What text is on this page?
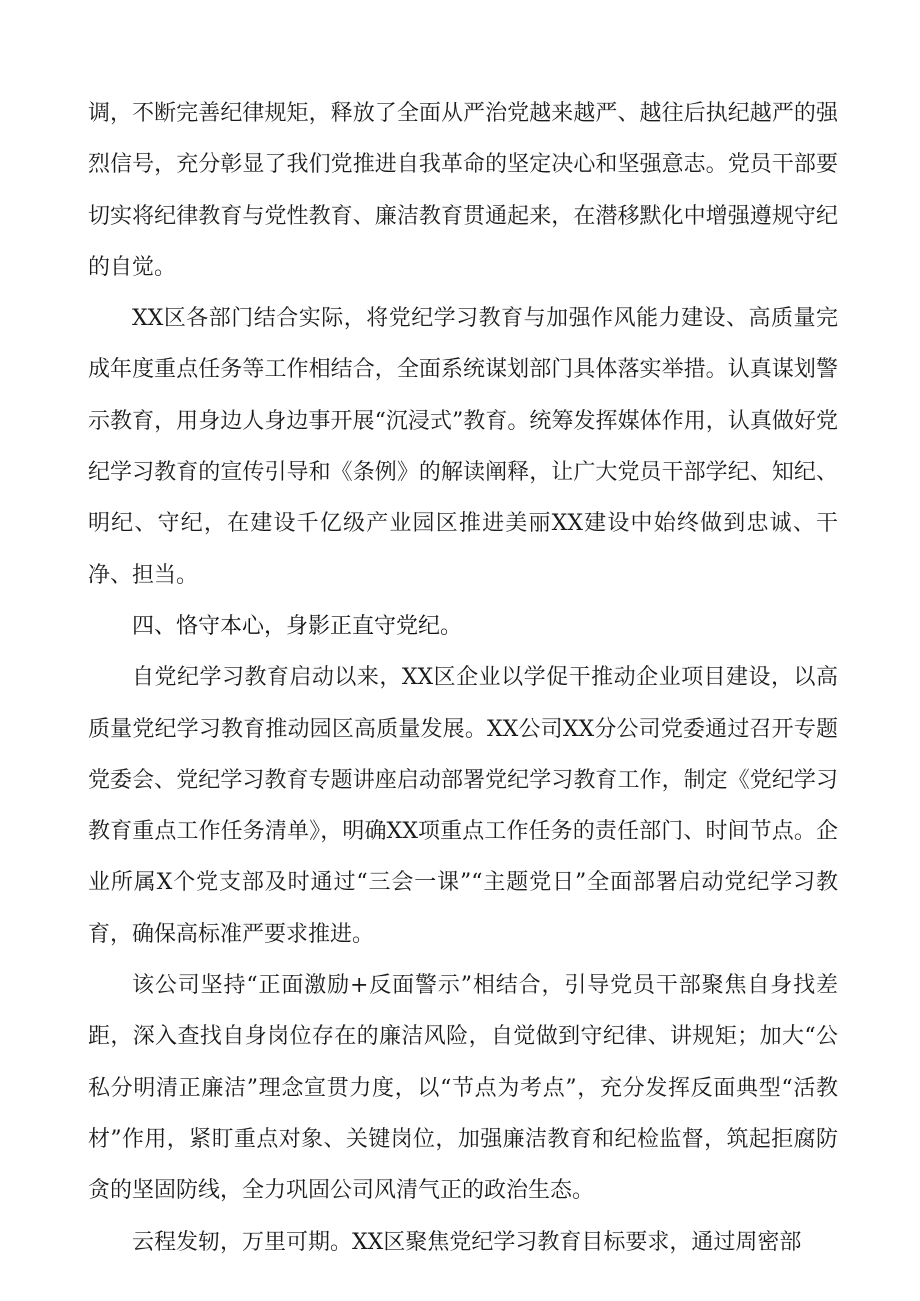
调，不断完善纪律规矩，释放了全面从严治党越来越严、越往后执纪越严的强烈信号，充分彰显了我们党推进自我革命的坚定决心和坚强意志。党员干部要切实将纪律教育与党性教育、廉洁教育贯通起来，在潜移默化中增强遵规守纪的自觉。

XX区各部门结合实际，将党纪学习教育与加强作风能力建设、高质量完成年度重点任务等工作相结合，全面系统谋划部门具体落实举措。认真谋划警示教育，用身边人身边事开展“沉浸式”教育。统筹发挥媒体作用，认真做好党纪学习教育的宣传引导和《条例》的解读阐释，让广大党员干部学纪、知纪、明纪、守纪，在建设千亿级产业园区推进美丽XX建设中始终做到忠诚、干净、担当。

四、恪守本心，身影正直守党纪。

自党纪学习教育启动以来，XX区企业以学促干推动企业项目建设，以高质量党纪学习教育推动园区高质量发展。XX公司XX分公司党委通过召开专题党委会、党纪学习教育专题讲座启动部署党纪学习教育工作，制定《党纪学习教育重点工作任务清单》，明确XX项重点工作任务的责任部门、时间节点。企业所属X个党支部及时通过“三会一课”“主题党日”全面部署启动党纪学习教育，确保高标准严要求推进。

该公司坚持“正面激励+反面警示”相结合，引导党员干部聚焦自身找差距，深入查找自身岗位存在的廉洁风险，自觉做到守纪律、讲规矩；加大“公私分明清正廉洁”理念宣贯力度，以“节点为考点”，充分发挥反面典型“活教材”作用，紧盯重点对象、关键岗位，加强廉洁教育和纪检监督，筑起拒腐防贪的坚固防线，全力巩固公司风清气正的政治生态。

云程发轫，万里可期。XX区聚焦党纪学习教育目标要求，通过周密部
